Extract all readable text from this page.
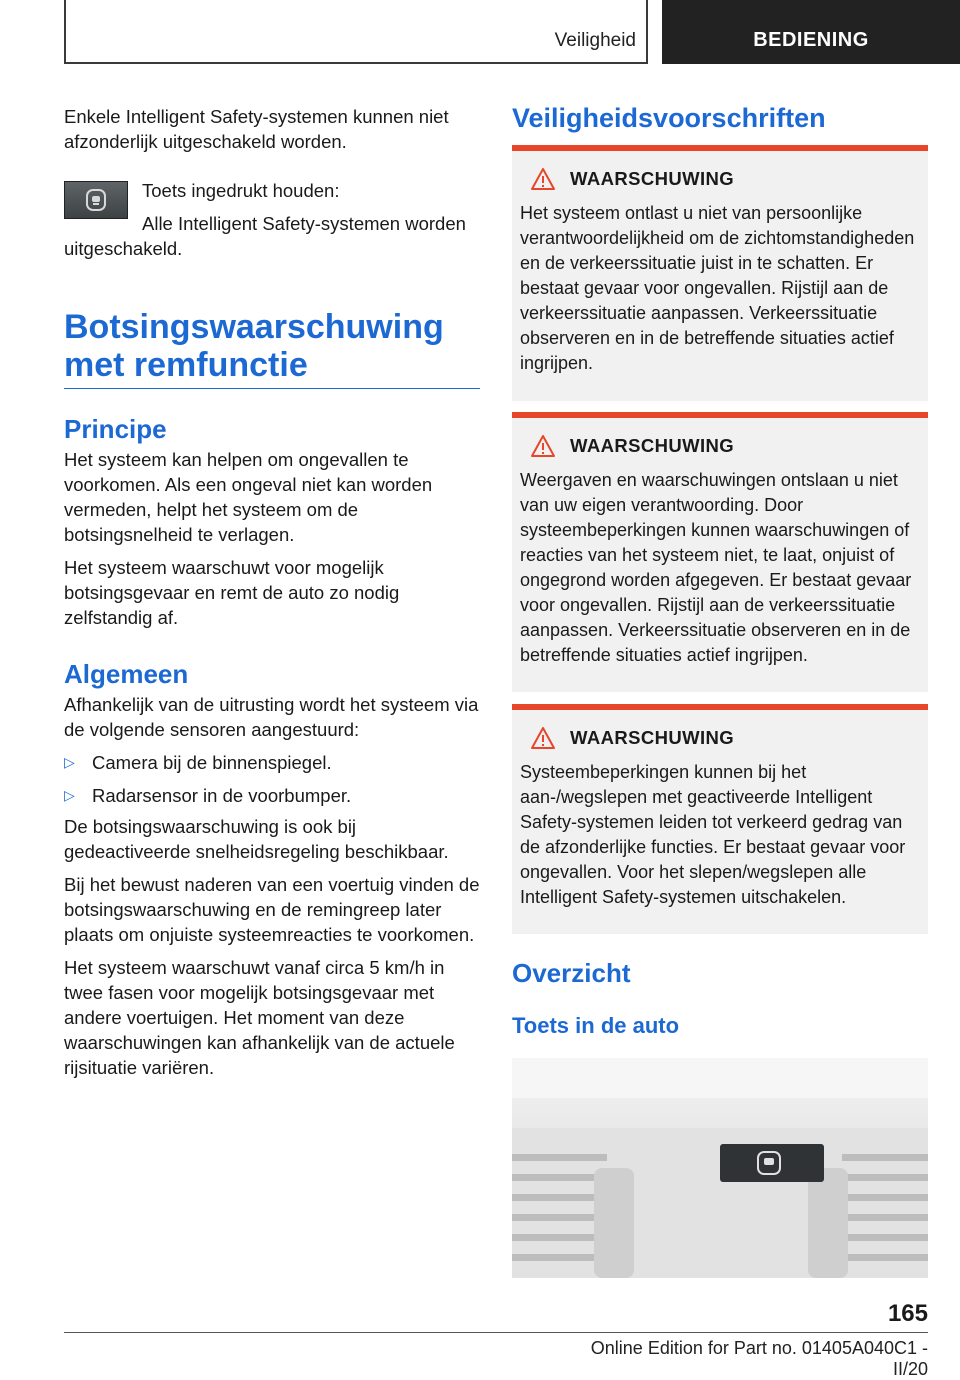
Veiligheid	BEDIENING

Enkele Intelligent Safety-systemen kunnen niet afzonderlijk uitgeschakeld worden.

Toets ingedrukt houden:

Alle Intelligent Safety-systemen worden uitgeschakeld.

Botsingswaarschuwing met remfunctie
Principe

Het systeem kan helpen om ongevallen te voorkomen. Als een ongeval niet kan worden vermeden, helpt het systeem om de botsingsnelheid te verlagen.

Het systeem waarschuwt voor mogelijk botsingsgevaar en remt de auto zo nodig zelfstandig af.

Algemeen

Afhankelijk van de uitrusting wordt het systeem via de volgende sensoren aangestuurd:

▷ Camera bij de binnenspiegel.
▷ Radarsensor in de voorbumper.

De botsingswaarschuwing is ook bij gedeactiveerde snelheidsregeling beschikbaar.

Bij het bewust naderen van een voertuig vinden de botsingswaarschuwing en de remingreep later plaats om onjuiste systeemreacties te voorkomen.

Het systeem waarschuwt vanaf circa 5 km/h in twee fasen voor mogelijk botsingsgevaar met andere voertuigen. Het moment van deze waarschuwingen kan afhankelijk van de actuele rijsituatie variëren.

Veiligheidsvoorschriften
WAARSCHUWING

Het systeem ontlast u niet van persoonlijke verantwoordelijkheid om de zichtomstandigheden en de verkeerssituatie juist in te schatten. Er bestaat gevaar voor ongevallen. Rijstijl aan de verkeerssituatie aanpassen. Verkeerssituatie observeren en in de betreffende situaties actief ingrijpen.

WAARSCHUWING

Weergaven en waarschuwingen ontslaan u niet van uw eigen verantwoording. Door systeembeperkingen kunnen waarschuwingen of reacties van het systeem niet, te laat, onjuist of ongegrond worden afgegeven. Er bestaat gevaar voor ongevallen. Rijstijl aan de verkeerssituatie aanpassen. Verkeerssituatie observeren en in de betreffende situaties actief ingrijpen.

WAARSCHUWING

Systeembeperkingen kunnen bij het aan-/wegslepen met geactiveerde Intelligent Safety-systemen leiden tot verkeerd gedrag van de afzonderlijke functies. Er bestaat gevaar voor ongevallen. Voor het slepen/wegslepen alle Intelligent Safety-systemen uitschakelen.

Overzicht
Toets in de auto
165
Online Edition for Part no. 01405A040C1 - II/20
